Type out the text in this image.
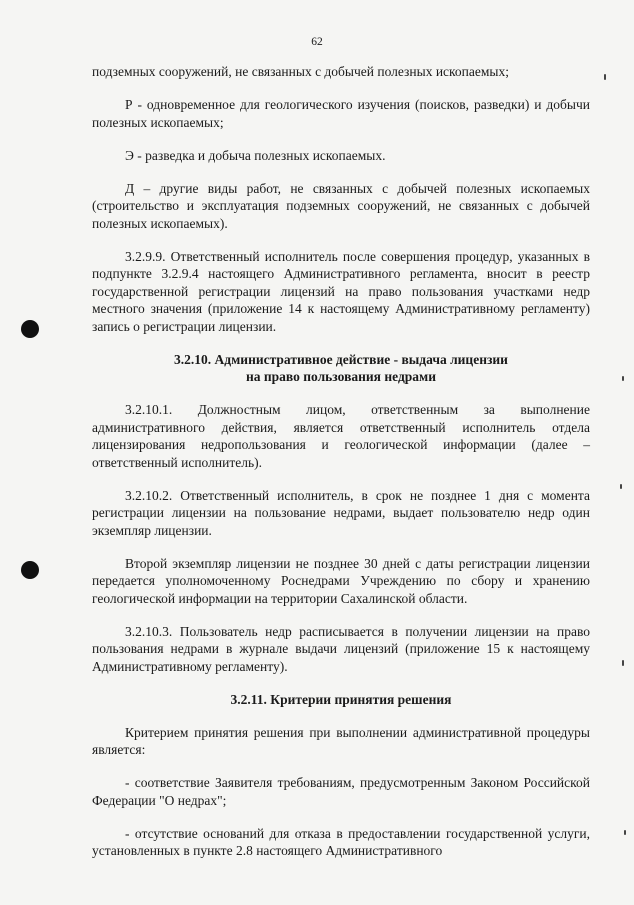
62

подземных сооружений, не связанных с добычей полезных ископаемых;

Р - одновременное для геологического изучения (поисков, разведки) и добычи полезных ископаемых;

Э - разведка и добыча полезных ископаемых.

Д – другие виды работ, не связанных с добычей полезных ископаемых (строительство и эксплуатация подземных сооружений, не связанных с добычей полезных ископаемых).

3.2.9.9. Ответственный исполнитель после совершения процедур, указанных в подпункте 3.2.9.4 настоящего Административного регламента, вносит в реестр государственной регистрации лицензий на право пользования участками недр местного значения (приложение 14 к настоящему Административному регламенту) запись о регистрации лицензии.

3.2.10. Административное действие - выдача лицензии
на право пользования недрами

3.2.10.1. Должностным лицом, ответственным за выполнение административного действия, является ответственный исполнитель отдела лицензирования недропользования и геологической информации (далее – ответственный исполнитель).

3.2.10.2. Ответственный исполнитель, в срок не позднее 1 дня с момента регистрации лицензии на пользование недрами, выдает пользователю недр один экземпляр лицензии.

Второй экземпляр лицензии не позднее 30 дней с даты регистрации лицензии передается уполномоченному Роснедрами Учреждению по сбору и хранению геологической информации на территории Сахалинской области.

3.2.10.3. Пользователь недр расписывается в получении лицензии на право пользования недрами в журнале выдачи лицензий (приложение 15 к настоящему Административному регламенту).

3.2.11. Критерии принятия решения

Критерием принятия решения при выполнении административной процедуры является:

- соответствие Заявителя требованиям, предусмотренным Законом Российской Федерации "О недрах";

- отсутствие оснований для отказа в предоставлении государственной услуги, установленных в пункте 2.8 настоящего Административного
